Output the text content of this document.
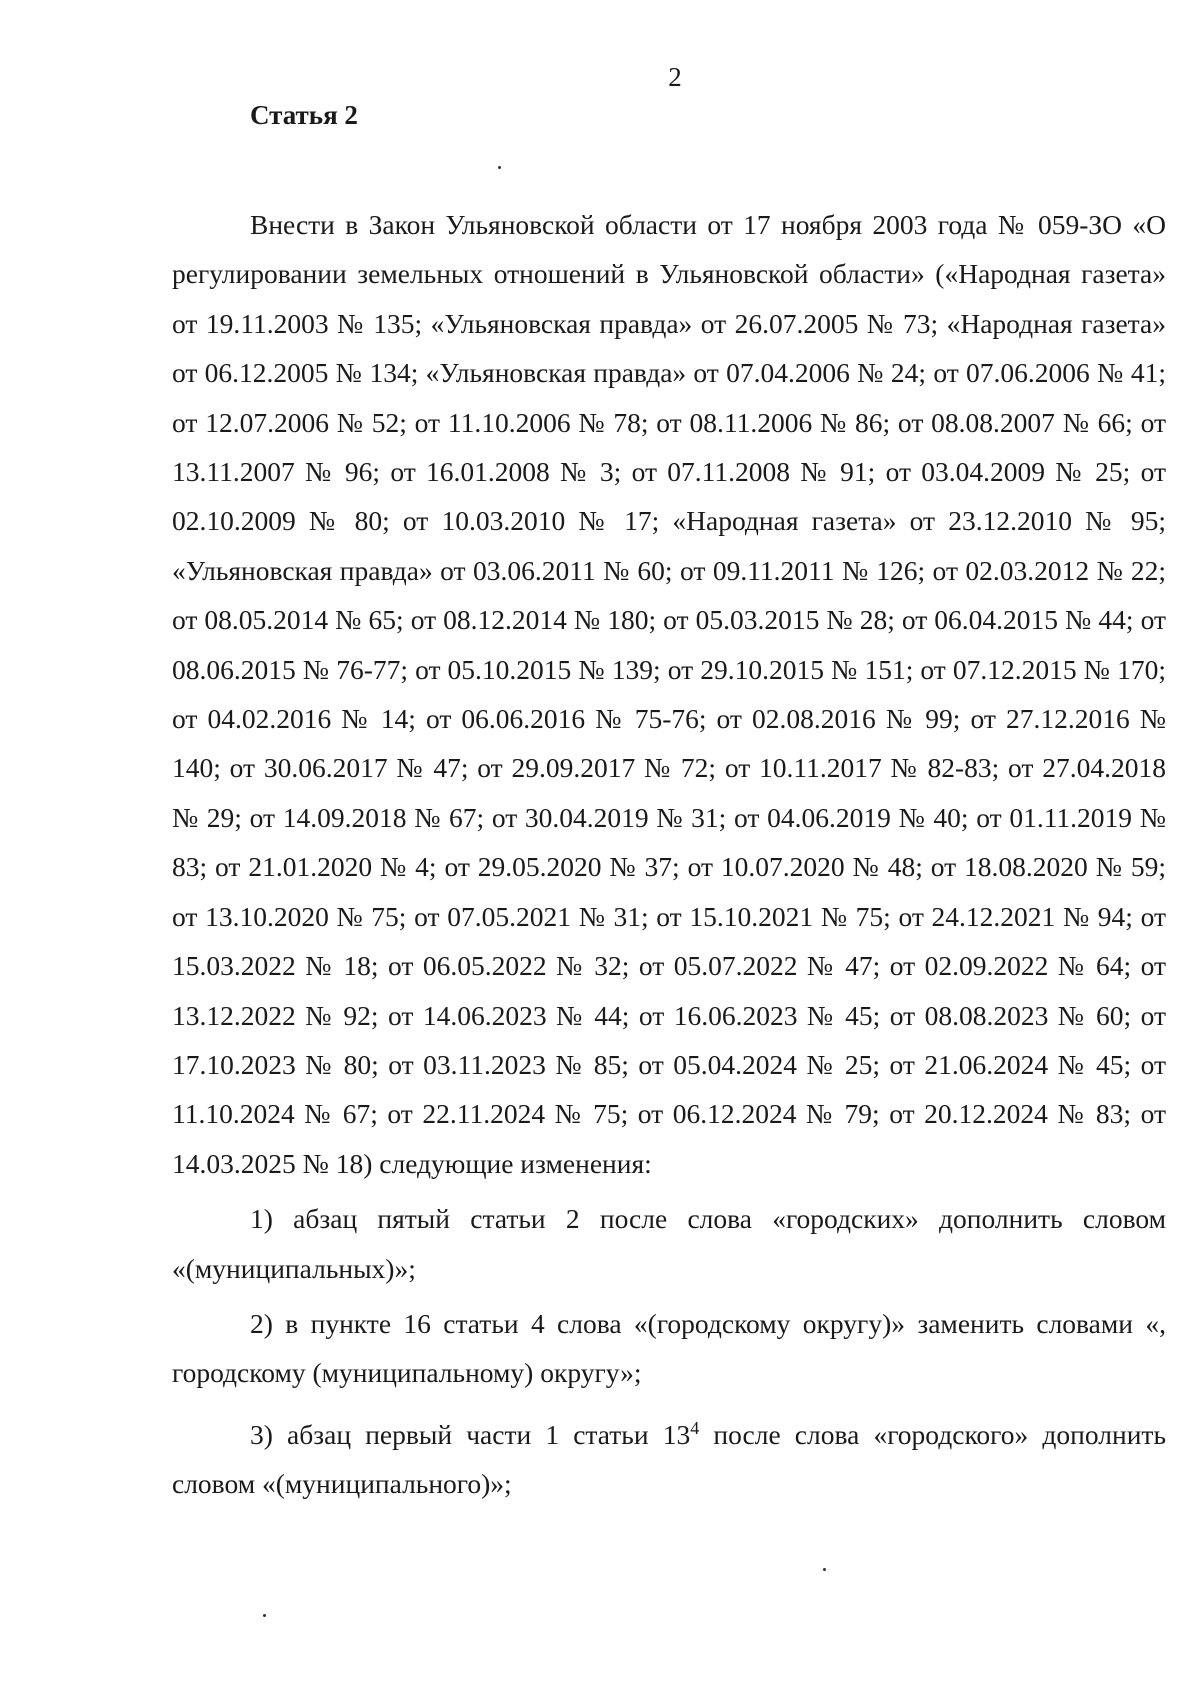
2
Статья 2

Внести в Закон Ульяновской области от 17 ноября 2003 года № 059-ЗО «О регулировании земельных отношений в Ульяновской области» («Народная газета» от 19.11.2003 № 135; «Ульяновская правда» от 26.07.2005 № 73; «Народная газета» от 06.12.2005 № 134; «Ульяновская правда» от 07.04.2006 № 24; от 07.06.2006 № 41; от 12.07.2006 № 52; от 11.10.2006 № 78; от 08.11.2006 № 86; от 08.08.2007 № 66; от 13.11.2007 № 96; от 16.01.2008 № 3; от 07.11.2008 № 91; от 03.04.2009 № 25; от 02.10.2009 № 80; от 10.03.2010 № 17; «Народная газета» от 23.12.2010 № 95; «Ульяновская правда» от 03.06.2011 № 60; от 09.11.2011 № 126; от 02.03.2012 № 22; от 08.05.2014 № 65; от 08.12.2014 № 180; от 05.03.2015 № 28; от 06.04.2015 № 44; от 08.06.2015 № 76-77; от 05.10.2015 № 139; от 29.10.2015 № 151; от 07.12.2015 № 170; от 04.02.2016 № 14; от 06.06.2016 № 75-76; от 02.08.2016 № 99; от 27.12.2016 № 140; от 30.06.2017 № 47; от 29.09.2017 № 72; от 10.11.2017 № 82-83; от 27.04.2018 № 29; от 14.09.2018 № 67; от 30.04.2019 № 31; от 04.06.2019 № 40; от 01.11.2019 № 83; от 21.01.2020 № 4; от 29.05.2020 № 37; от 10.07.2020 № 48; от 18.08.2020 № 59; от 13.10.2020 № 75; от 07.05.2021 № 31; от 15.10.2021 № 75; от 24.12.2021 № 94; от 15.03.2022 № 18; от 06.05.2022 № 32; от 05.07.2022 № 47; от 02.09.2022 № 64; от 13.12.2022 № 92; от 14.06.2023 № 44; от 16.06.2023 № 45; от 08.08.2023 № 60; от 17.10.2023 № 80; от 03.11.2023 № 85; от 05.04.2024 № 25; от 21.06.2024 № 45; от 11.10.2024 № 67; от 22.11.2024 № 75; от 06.12.2024 № 79; от 20.12.2024 № 83; от 14.03.2025 № 18) следующие изменения:

1) абзац пятый статьи 2 после слова «городских» дополнить словом «(муниципальных)»;

2) в пункте 16 статьи 4 слова «(городскому округу)» заменить словами «, городскому (муниципальному) округу»;

3) абзац первый части 1 статьи $13^4$ после слова «городского» дополнить словом «(муниципального)»;
